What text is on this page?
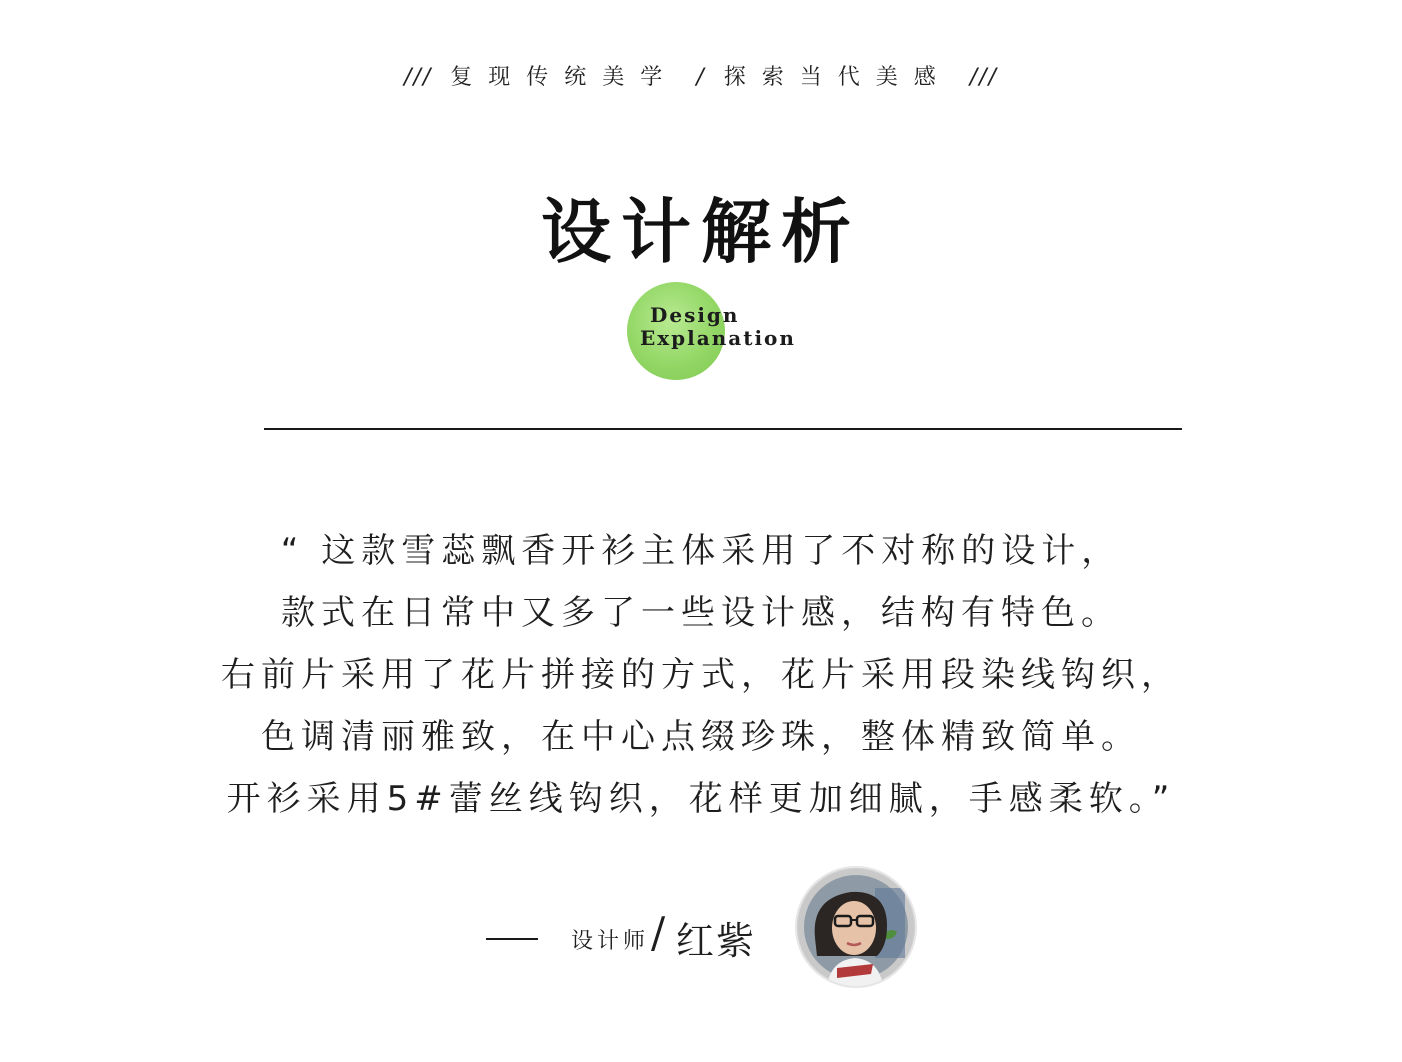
/// 复现传统美学 / 探索当代美感 ///
设计解析
Design
Explanation

“ 这款雪蕊飘香开衫主体采用了不对称的设计，

款式在日常中又多了一些设计感，结构有特色。

右前片采用了花片拼接的方式，花片采用段染线钩织，

色调清丽雅致，在中心点缀珍珠，整体精致简单。

开衫采用5#蕾丝线钩织，花样更加细腻，手感柔软。”

设计师 / 红紫
